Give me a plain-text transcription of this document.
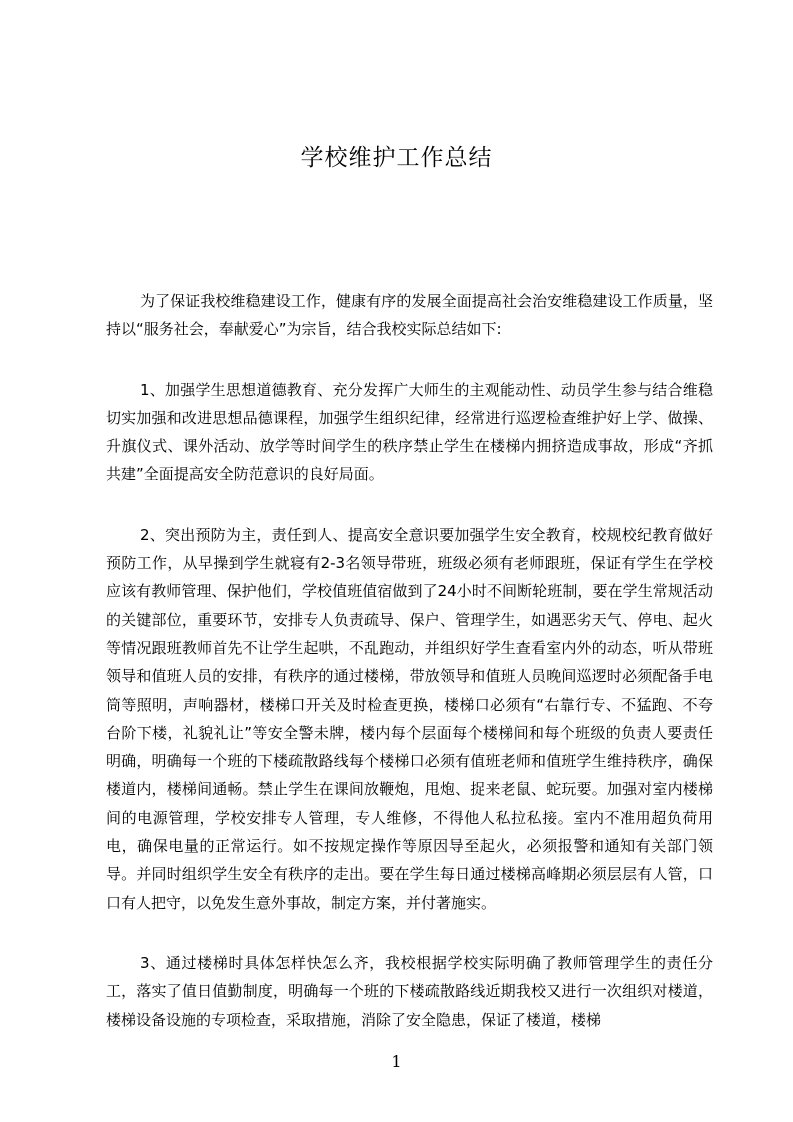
学校维护工作总结

为了保证我校维稳建设工作，健康有序的发展全面提高社会治安维稳建设工作质量，坚持以“服务社会，奉献爱心”为宗旨，结合我校实际总结如下:

1、加强学生思想道德教育、充分发挥广大师生的主观能动性、动员学生参与结合维稳切实加强和改进思想品德课程，加强学生组织纪律，经常进行巡逻检查维护好上学、做操、升旗仪式、课外活动、放学等时间学生的秩序禁止学生在楼梯内拥挤造成事故，形成“齐抓共建”全面提高安全防范意识的良好局面。

2、突出预防为主，责任到人、提高安全意识要加强学生安全教育，校规校纪教育做好预防工作，从早操到学生就寝有2-3名领导带班，班级必须有老师跟班，保证有学生在学校应该有教师管理、保护他们，学校值班值宿做到了24小时不间断轮班制，要在学生常规活动的关键部位，重要环节，安排专人负责疏导、保户、管理学生，如遇恶劣天气、停电、起火等情况跟班教师首先不让学生起哄，不乱跑动，并组织好学生查看室内外的动态，听从带班领导和值班人员的安排，有秩序的通过楼梯，带放领导和值班人员晚间巡逻时必须配备手电筒等照明，声响器材，楼梯口开关及时检查更换，楼梯口必须有“右靠行专、不猛跑、不夸台阶下楼，礼貌礼让”等安全警未牌，楼内每个层面每个楼梯间和每个班级的负责人要责任明确，明确每一个班的下楼疏散路线每个楼梯口必须有值班老师和值班学生维持秩序，确保楼道内，楼梯间通畅。禁止学生在课间放鞭炮，甩炮、捉来老鼠、蛇玩要。加强对室内楼梯间的电源管理，学校安排专人管理，专人维修，不得他人私拉私接。室内不准用超负荷用电，确保电量的正常运行。如不按规定操作等原因导至起火，必须报警和通知有关部门领导。并同时组织学生安全有秩序的走出。要在学生每日通过楼梯高峰期必须层层有人管，口口有人把守，以免发生意外事故，制定方案，并付著施实。

3、通过楼梯时具体怎样快怎么齐，我校根据学校实际明确了教师管理学生的责任分工，落实了值日值勤制度，明确每一个班的下楼疏散路线近期我校又进行一次组织对楼道，楼梯设备设施的专项检查，采取措施，消除了安全隐患，保证了楼道，楼梯

1
